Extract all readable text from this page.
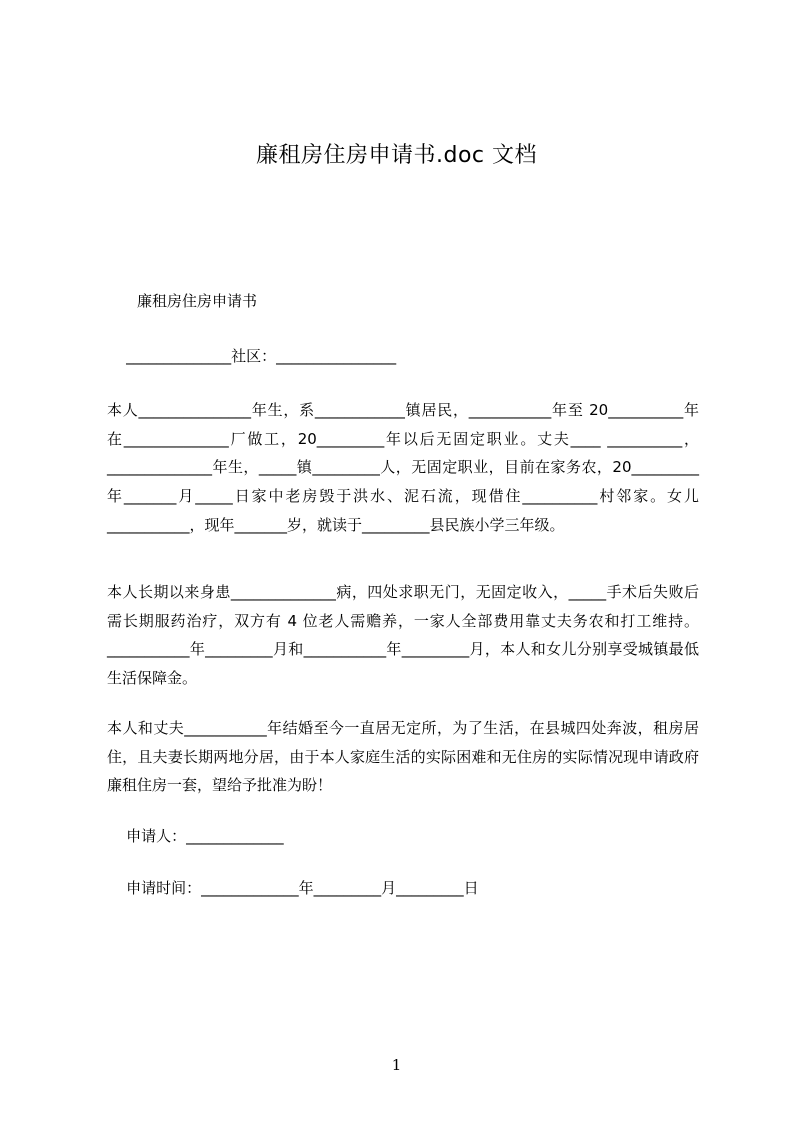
廉租房住房申请书.doc 文档
廉租房住房申请书
______________社区：________________
本人_______________年生，系____________镇居民，___________年至 20__________年在______________厂做工，20_________年以后无固定职业。丈夫____ __________，______________年生，_____镇_________人，无固定职业，目前在家务农，20_________年_______月_____日家中老房毁于洪水、泥石流，现借住__________村邻家。女儿___________，现年_______岁，就读于_________县民族小学三年级。
本人长期以来身患______________病，四处求职无门，无固定收入，_____手术后失败后需长期服药治疗，双方有 4 位老人需赡养，一家人全部费用靠丈夫务农和打工维持。___________年_________月和___________年_________月，本人和女儿分别享受城镇最低生活保障金。
本人和丈夫___________年结婚至今一直居无定所，为了生活，在县城四处奔波，租房居住，且夫妻长期两地分居，由于本人家庭生活的实际困难和无住房的实际情况现申请政府廉租住房一套，望给予批准为盼！
申请人：_____________
申请时间：_____________年_________月_________日
1
